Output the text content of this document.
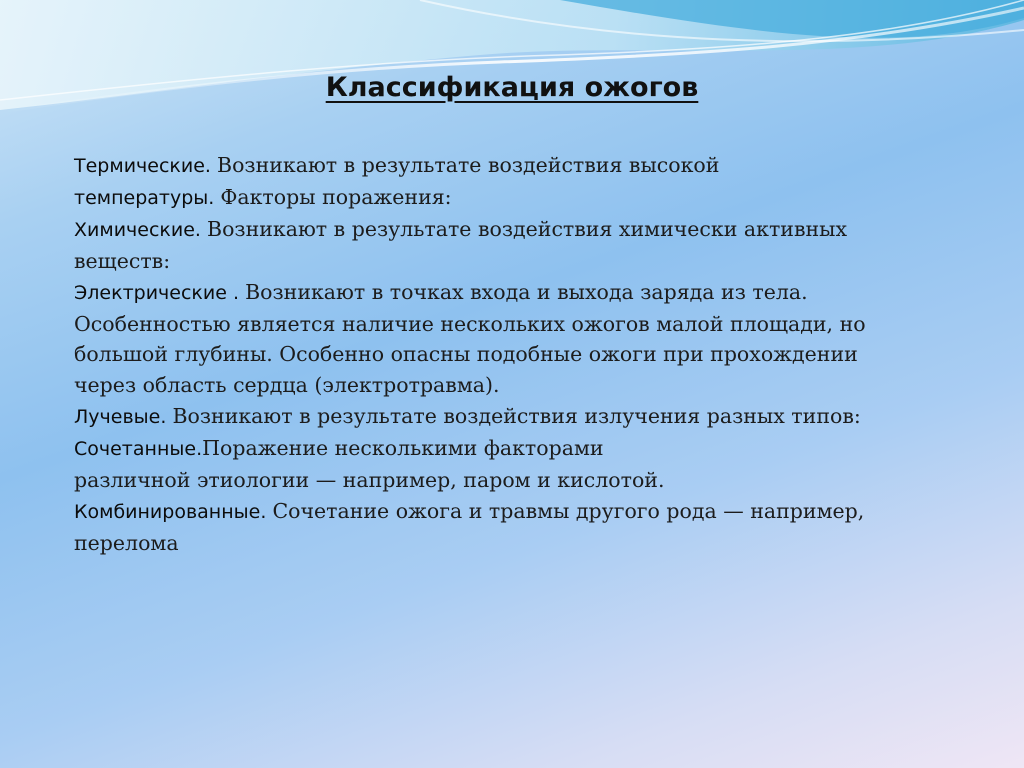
Классификация ожогов

Термические. Возникают в результате воздействия высокой
температуры. Факторы поражения:

Химические. Возникают в результате воздействия химически активных веществ:

Электрические . Возникают в точках входа и выхода заряда из тела. Особенностью является наличие нескольких ожогов малой площади, но большой глубины. Особенно опасны подобные ожоги при прохождении через область сердца (электротравма).

Лучевые. Возникают в результате воздействия излучения разных типов:

Сочетанные.Поражение несколькими факторами
различной этиологии — например, паром и кислотой.

Комбинированные. Сочетание ожога и травмы другого рода — например, перелома
